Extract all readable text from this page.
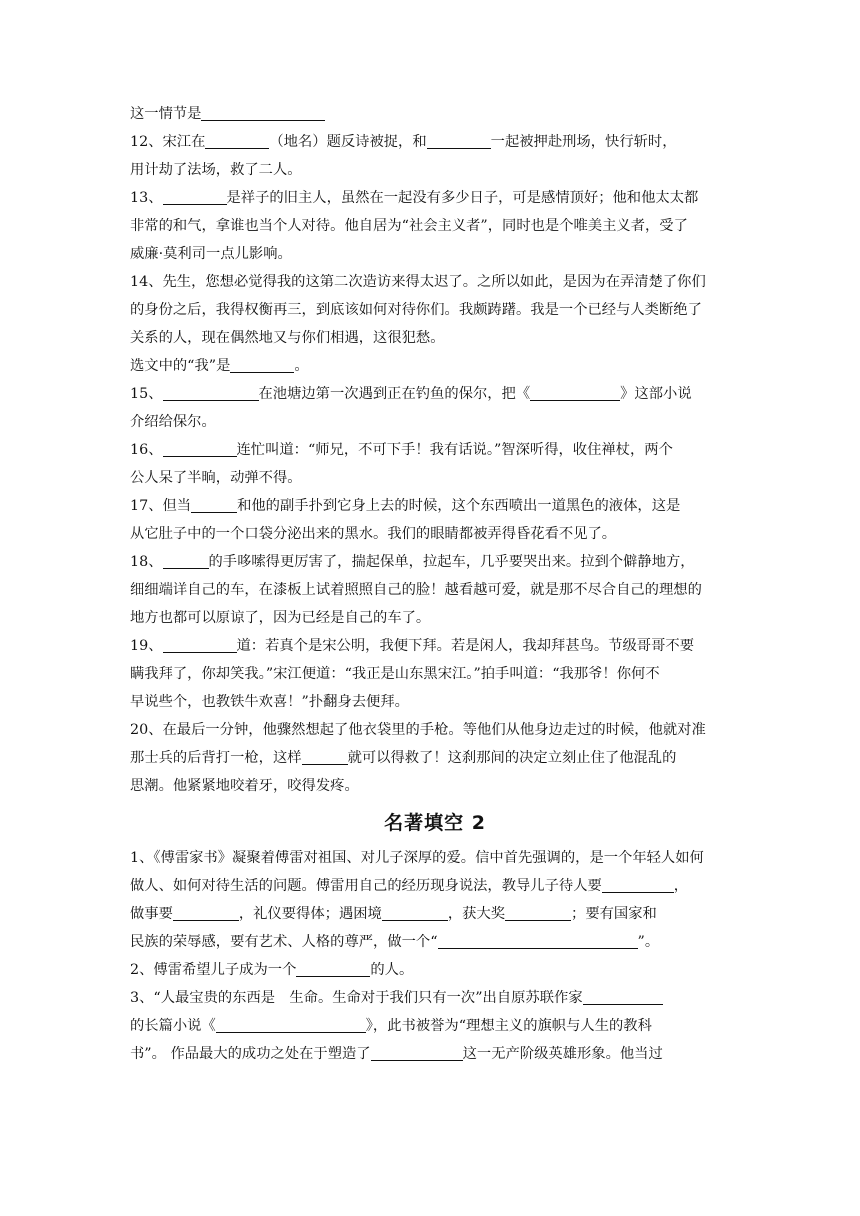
这一情节是
12、宋江在	（地名）题反诗被捉，和	一起被押赴刑场，快行斩时，
用计劫了法场，救了二人。
13、	是祥子的旧主人，虽然在一起没有多少日子，可是感情顶好；他和他太太都
非常的和气，拿谁也当个人对待。他自居为“社会主义者”，同时也是个唯美主义者，受了
威廉·莫利司一点儿影响。
14、先生，您想必觉得我的这第二次造访来得太迟了。之所以如此，是因为在弄清楚了你们
的身份之后，我得权衡再三，到底该如何对待你们。我颇踌躇。我是一个已经与人类断绝了
关系的人，现在偶然地又与你们相遇，这很犯愁。
选文中的“我”是	。
15、	在池塘边第一次遇到正在钓鱼的保尔，把《	》这部小说
介绍给保尔。
16、	连忙叫道：“师兄，不可下手！我有话说。”智深听得，收住禅杖，两个
公人呆了半晌，动弹不得。
17、但当	和他的副手扑到它身上去的时候，这个东西喷出一道黑色的液体，这是
从它肚子中的一个口袋分泌出来的黑水。我们的眼睛都被弄得昏花看不见了。
18、	的手哆嗦得更厉害了，揣起保单，拉起车，几乎要哭出来。拉到个僻静地方，
细细端详自己的车，在漆板上试着照照自己的脸！越看越可爱，就是那不尽合自己的理想的
地方也都可以原谅了，因为已经是自己的车了。
19、	道：若真个是宋公明，我便下拜。若是闲人，我却拜甚鸟。节级哥哥不要
瞒我拜了，你却笑我。”宋江便道：“我正是山东黑宋江。”拍手叫道：“我那爷！你何不
早说些个，也教铁牛欢喜！”扑翻身去便拜。
20、在最后一分钟，他骤然想起了他衣袋里的手枪。等他们从他身边走过的时候，他就对准
那士兵的后背打一枪，这样	就可以得救了！这刹那间的决定立刻止住了他混乱的
思潮。他紧紧地咬着牙，咬得发疼。
名著填空 2
1、《傅雷家书》凝聚着傅雷对祖国、对儿子深厚的爱。信中首先强调的，是一个年轻人如何
做人、如何对待生活的问题。傅雷用自己的经历现身说法，教导儿子待人要	，
做事要	，礼仪要得体；遇困境	，获大奖	；要有国家和
民族的荣辱感，要有艺术、人格的尊严，做一个“	”。
2、傅雷希望儿子成为一个	的人。
3、“人最宝贵的东西是　生命。生命对于我们只有一次”出自原苏联作家
的长篇小说《	》，此书被誉为“理想主义的旗帜与人生的教科
书”。 作品最大的成功之处在于塑造了	这一无产阶级英雄形象。他当过
